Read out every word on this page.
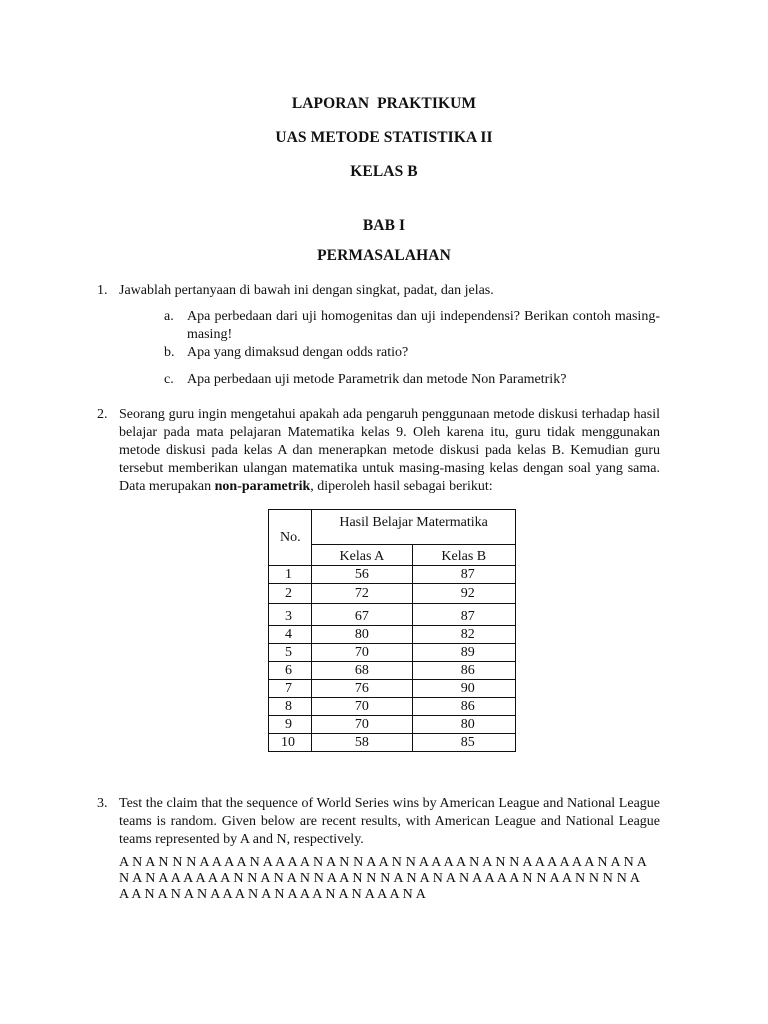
LAPORAN  PRAKTIKUM
UAS METODE STATISTIKA II
KELAS B
BAB I
PERMASALAHAN
1. Jawablah pertanyaan di bawah ini dengan singkat, padat, dan jelas.

a. Apa perbedaan dari uji homogenitas dan uji independensi? Berikan contoh masing- masing!

b. Apa yang dimaksud dengan odds ratio?

c. Apa perbedaan uji metode Parametrik dan metode Non Parametrik?

2. Seorang guru ingin mengetahui apakah ada pengaruh penggunaan metode diskusi terhadap hasil belajar pada mata pelajaran Matematika kelas 9. Oleh karena itu, guru tidak menggunakan metode diskusi pada kelas A dan menerapkan metode diskusi pada kelas B. Kemudian guru tersebut memberikan ulangan matematika untuk masing-masing kelas dengan soal yang sama. Data merupakan non-parametrik, diperoleh hasil sebagai berikut:

No.	Hasil Belajar Matermatika	
	Kelas A	Kelas B
1	56	87
2	72	92
3	67	87
4	80	82
5	70	89
6	68	86
7	76	90
8	70	86
9	70	80
10	58	85
3. Test the claim that the sequence of World Series wins by American League and National League teams is random. Given below are recent results, with American League and National League teams represented by A and N, respectively.

A N A N N N A A A A N A A A A N A N N A A N N A A A A N A N N A A A A A A N A N A

N A N A A A A A A N N A N A N N A A N N N A N A N A N A A A A N N A A N N N N A

A A N A N A N A A A N A N A A A N A N A A A N A
